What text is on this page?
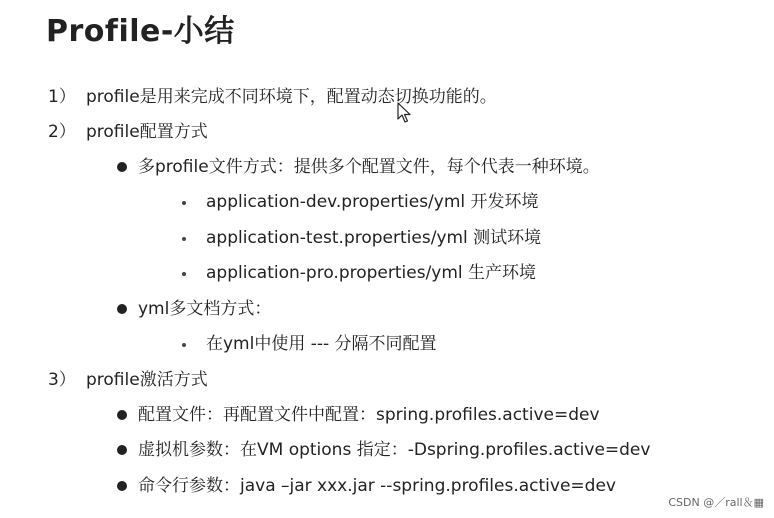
Profile-小结
1） profile是用来完成不同环境下，配置动态切换功能的。
2） profile配置方式
多profile文件方式：提供多个配置文件，每个代表一种环境。
application-dev.properties/yml 开发环境
application-test.properties/yml 测试环境
application-pro.properties/yml 生产环境
yml多文档方式：
在yml中使用 --- 分隔不同配置
3） profile激活方式
配置文件：再配置文件中配置：spring.profiles.active=dev
虚拟机参数：在VM options 指定：-Dspring.profiles.active=dev
命令行参数：java –jar xxx.jar --spring.profiles.active=dev
CSDN @／rall＆▦
